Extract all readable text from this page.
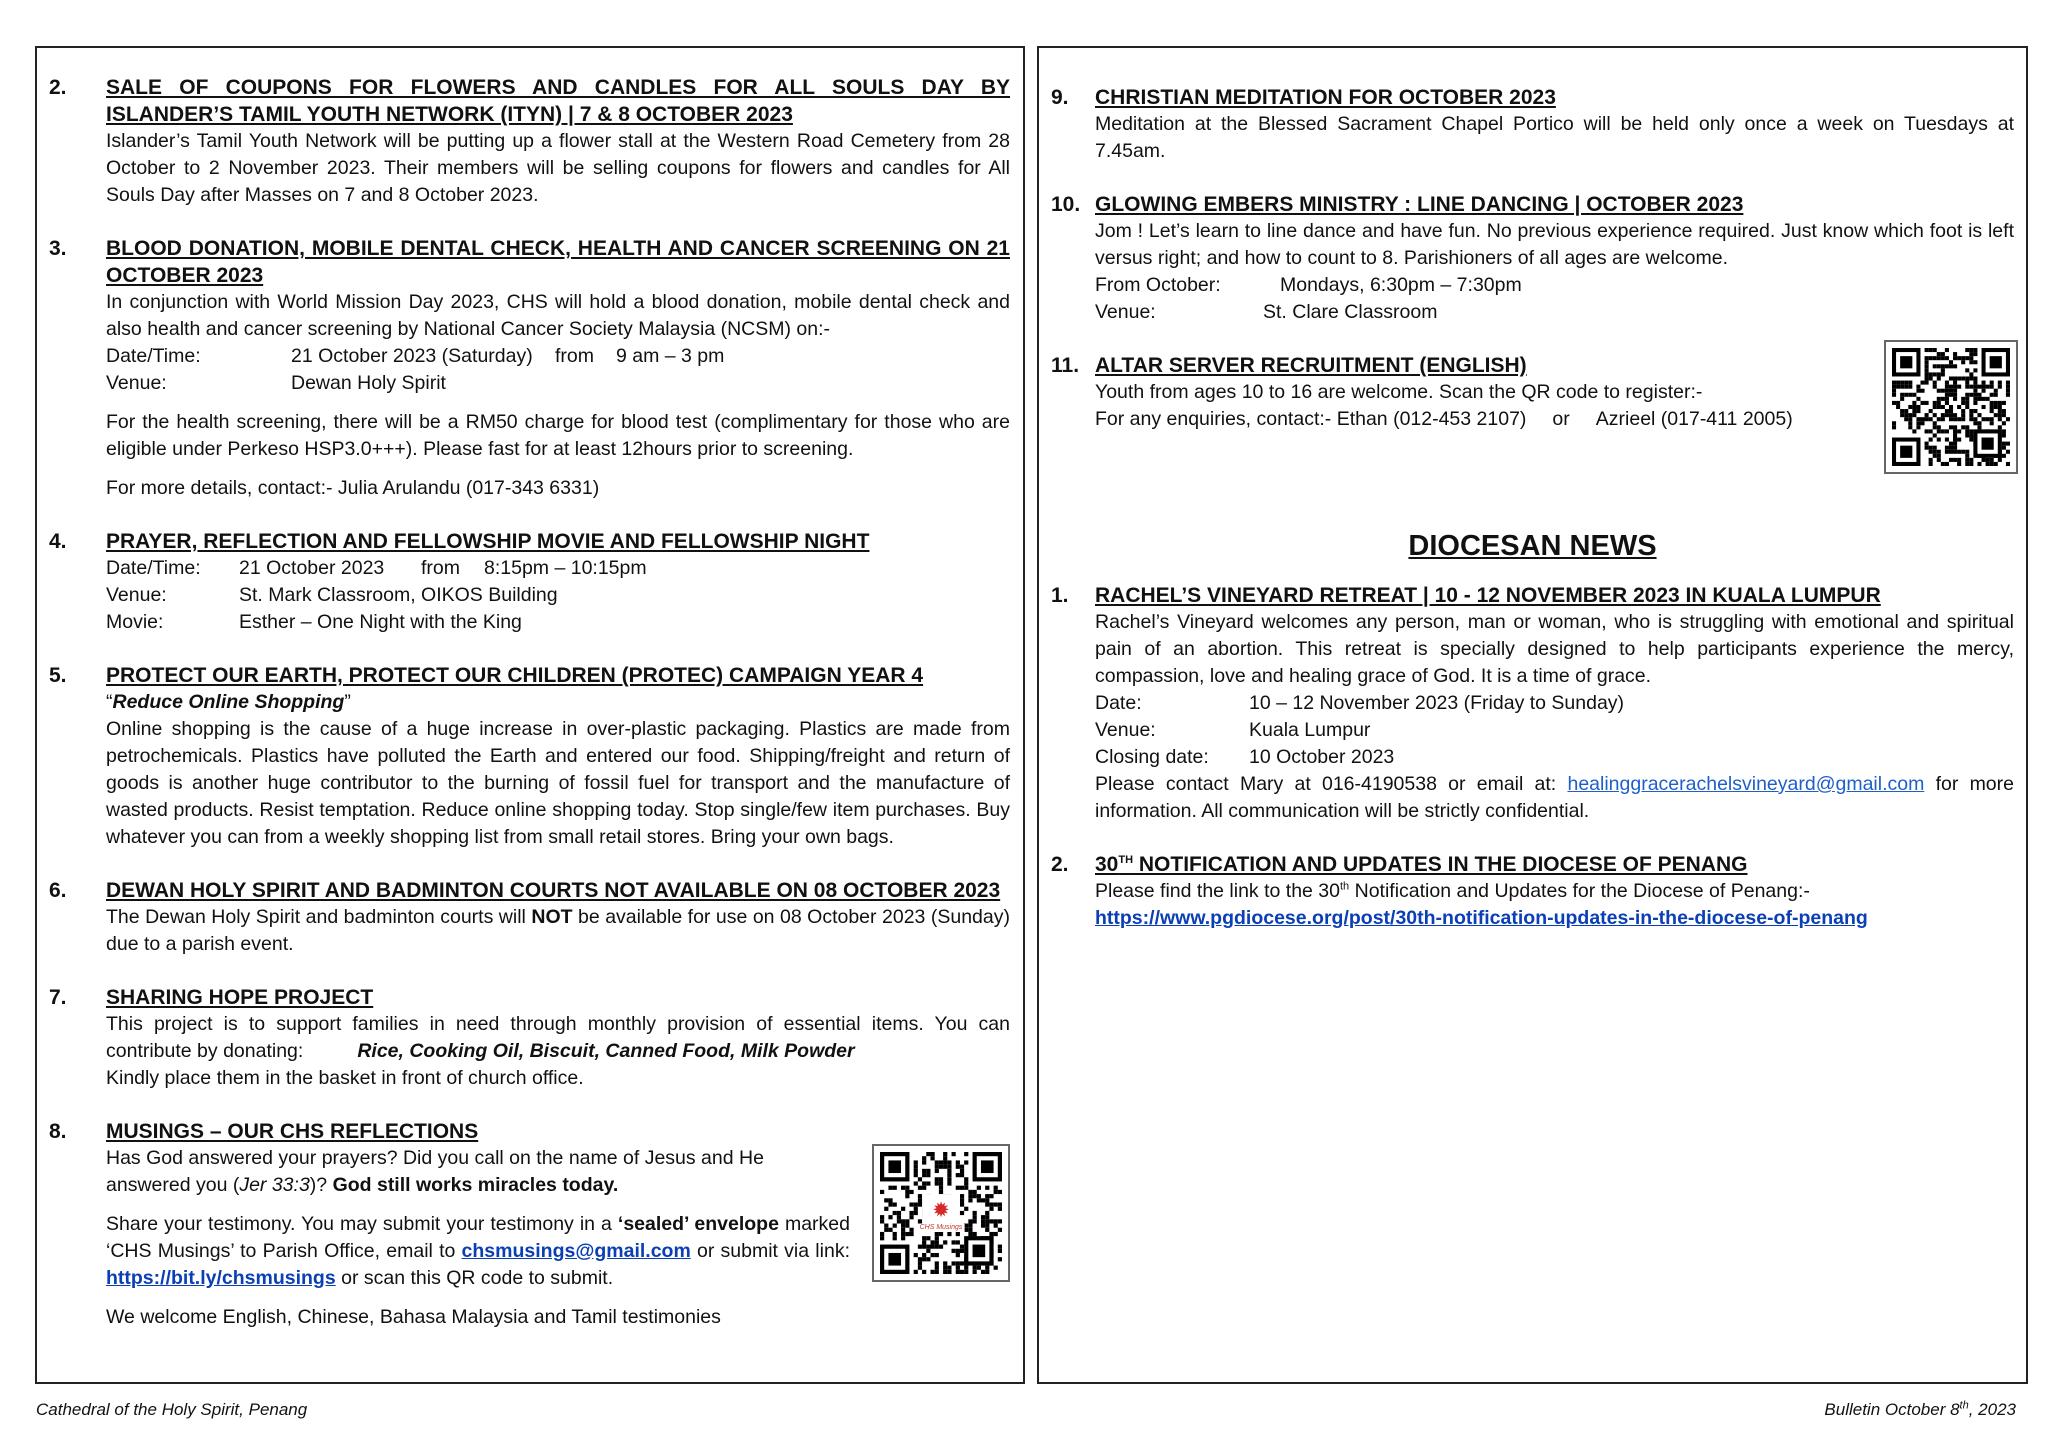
2. SALE OF COUPONS FOR FLOWERS AND CANDLES FOR ALL SOULS DAY BY ISLANDER’S TAMIL YOUTH NETWORK (ITYN) | 7 & 8 OCTOBER 2023

Islander’s Tamil Youth Network will be putting up a flower stall at the Western Road Cemetery from 28 October to 2 November 2023. Their members will be selling coupons for flowers and candles for All Souls Day after Masses on 7 and 8 October 2023.

3. BLOOD DONATION, MOBILE DENTAL CHECK, HEALTH AND CANCER SCREENING ON 21 OCTOBER 2023

In conjunction with World Mission Day 2023, CHS will hold a blood donation, mobile dental check and also health and cancer screening by National Cancer Society Malaysia (NCSM) on:-

Date/Time:	21 October 2023 (Saturday)	from	9 am – 3 pm
Venue:	Dewan Holy Spirit

For the health screening, there will be a RM50 charge for blood test (complimentary for those who are eligible under Perkeso HSP3.0+++). Please fast for at least 12hours prior to screening.

For more details, contact:- Julia Arulandu (017-343 6331)

4. PRAYER, REFLECTION AND FELLOWSHIP MOVIE AND FELLOWSHIP NIGHT
Date/Time:	21 October 2023	from	8:15pm – 10:15pm
Venue:	St. Mark Classroom, OIKOS Building
Movie:	Esther – One Night with the King
5. PROTECT OUR EARTH, PROTECT OUR CHILDREN (PROTEC) CAMPAIGN YEAR 4

“Reduce Online Shopping”

Online shopping is the cause of a huge increase in over-plastic packaging. Plastics are made from petrochemicals. Plastics have polluted the Earth and entered our food. Shipping/freight and return of goods is another huge contributor to the burning of fossil fuel for transport and the manufacture of wasted products. Resist temptation. Reduce online shopping today. Stop single/few item purchases. Buy whatever you can from a weekly shopping list from small retail stores. Bring your own bags.

6. DEWAN HOLY SPIRIT AND BADMINTON COURTS NOT AVAILABLE ON 08 OCTOBER 2023

The Dewan Holy Spirit and badminton courts will NOT be available for use on 08 October 2023 (Sunday) due to a parish event.

7. SHARING HOPE PROJECT

This project is to support families in need through monthly provision of essential items. You can contribute by donating:	Rice, Cooking Oil, Biscuit, Canned Food, Milk Powder

Kindly place them in the basket in front of church office.

8. MUSINGS – OUR CHS REFLECTIONS

Has God answered your prayers? Did you call on the name of Jesus and He answered you (Jer 33:3)? God still works miracles today.

Share your testimony. You may submit your testimony in a ‘sealed’ envelope marked ‘CHS Musings’ to Parish Office, email to chsmusings@gmail.com or submit via link: https://bit.ly/chsmusings or scan this QR code to submit.

We welcome English, Chinese, Bahasa Malaysia and Tamil testimonies

✹
CHS Musings
9. CHRISTIAN MEDITATION FOR OCTOBER 2023

Meditation at the Blessed Sacrament Chapel Portico will be held only once a week on Tuesdays at 7.45am.

10. GLOWING EMBERS MINISTRY : LINE DANCING | OCTOBER 2023

Jom ! Let’s learn to line dance and have fun. No previous experience required. Just know which foot is left versus right; and how to count to 8. Parishioners of all ages are welcome.

From October:	Mondays, 6:30pm – 7:30pm
Venue:	St. Clare Classroom
11. ALTAR SERVER RECRUITMENT (ENGLISH)

Youth from ages 10 to 16 are welcome. Scan the QR code to register:-

For any enquiries, contact:- Ethan (012-453 2107) or Azrieel (017-411 2005)

DIOCESAN NEWS
1. RACHEL’S VINEYARD RETREAT | 10 - 12 NOVEMBER 2023 IN KUALA LUMPUR

Rachel’s Vineyard welcomes any person, man or woman, who is struggling with emotional and spiritual pain of an abortion. This retreat is specially designed to help participants experience the mercy, compassion, love and healing grace of God. It is a time of grace.

Date:	10 – 12 November 2023 (Friday to Sunday)
Venue:	Kuala Lumpur
Closing date:	10 October 2023

Please contact Mary at 016-4190538 or email at: healinggracerachelsvineyard@gmail.com for more information. All communication will be strictly confidential.

2. 30TH NOTIFICATION AND UPDATES IN THE DIOCESE OF PENANG

Please find the link to the 30th Notification and Updates for the Diocese of Penang:-

https://www.pgdiocese.org/post/30th-notification-updates-in-the-diocese-of-penang
Cathedral of the Holy Spirit, Penang	Bulletin October 8th, 2023
